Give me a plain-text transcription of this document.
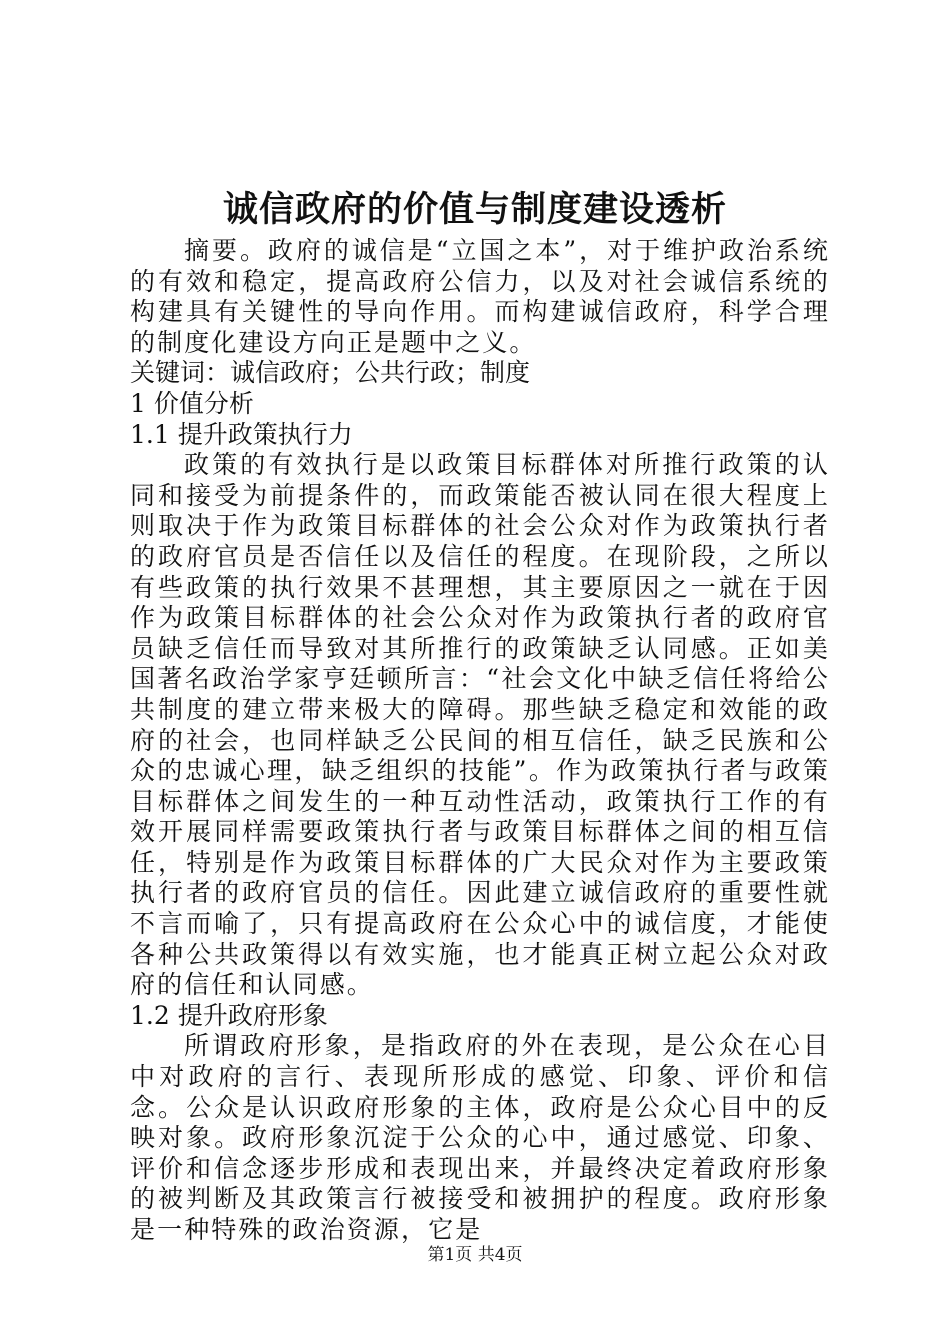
诚信政府的价值与制度建设透析

摘要。政府的诚信是“立国之本”，对于维护政治系统的有效和稳定，提高政府公信力，以及对社会诚信系统的构建具有关键性的导向作用。而构建诚信政府，科学合理的制度化建设方向正是题中之义。

关键词：诚信政府；公共行政；制度

1 价值分析

1.1 提升政策执行力

政策的有效执行是以政策目标群体对所推行政策的认同和接受为前提条件的，而政策能否被认同在很大程度上则取决于作为政策目标群体的社会公众对作为政策执行者的政府官员是否信任以及信任的程度。在现阶段，之所以有些政策的执行效果不甚理想，其主要原因之一就在于因作为政策目标群体的社会公众对作为政策执行者的政府官员缺乏信任而导致对其所推行的政策缺乏认同感。正如美国著名政治学家亨廷顿所言：“社会文化中缺乏信任将给公共制度的建立带来极大的障碍。那些缺乏稳定和效能的政府的社会，也同样缺乏公民间的相互信任，缺乏民族和公众的忠诚心理，缺乏组织的技能”。作为政策执行者与政策目标群体之间发生的一种互动性活动，政策执行工作的有效开展同样需要政策执行者与政策目标群体之间的相互信任，特别是作为政策目标群体的广大民众对作为主要政策执行者的政府官员的信任。因此建立诚信政府的重要性就不言而喻了，只有提高政府在公众心中的诚信度，才能使各种公共政策得以有效实施，也才能真正树立起公众对政府的信任和认同感。

1.2 提升政府形象

所谓政府形象，是指政府的外在表现，是公众在心目中对政府的言行、表现所形成的感觉、印象、评价和信念。公众是认识政府形象的主体，政府是公众心目中的反映对象。政府形象沉淀于公众的心中，通过感觉、印象、评价和信念逐步形成和表现出来，并最终决定着政府形象的被判断及其政策言行被接受和被拥护的程度。政府形象是一种特殊的政治资源，它是

第1页 共4页
